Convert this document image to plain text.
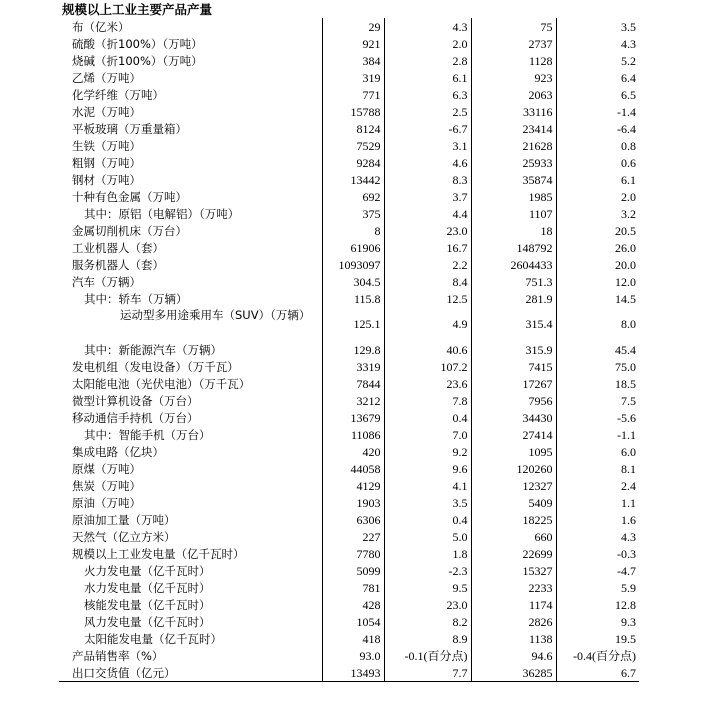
规模以上工业主要产品产量
布（亿米）	29	4.3	75	3.5
硫酸（折100%）（万吨）	921	2.0	2737	4.3
烧碱（折100%）（万吨）	384	2.8	1128	5.2
乙烯（万吨）	319	6.1	923	6.4
化学纤维（万吨）	771	6.3	2063	6.5
水泥（万吨）	15788	2.5	33116	-1.4
平板玻璃（万重量箱）	8124	-6.7	23414	-6.4
生铁（万吨）	7529	3.1	21628	0.8
粗钢（万吨）	9284	4.6	25933	0.6
钢材（万吨）	13442	8.3	35874	6.1
十种有色金属（万吨）	692	3.7	1985	2.0
其中：原铝（电解铝）（万吨）	375	4.4	1107	3.2
金属切削机床（万台）	8	23.0	18	20.5
工业机器人（套）	61906	16.7	148792	26.0
服务机器人（套）	1093097	2.2	2604433	20.0
汽车（万辆）	304.5	8.4	751.3	12.0
其中：轿车（万辆）	115.8	12.5	281.9	14.5
运动型多用途乘用车（SUV）（万辆）	125.1	4.9	315.4	8.0
其中：新能源汽车（万辆）	129.8	40.6	315.9	45.4
发电机组（发电设备）（万千瓦）	3319	107.2	7415	75.0
太阳能电池（光伏电池）（万千瓦）	7844	23.6	17267	18.5
微型计算机设备（万台）	3212	7.8	7956	7.5
移动通信手持机（万台）	13679	0.4	34430	-5.6
其中：智能手机（万台）	11086	7.0	27414	-1.1
集成电路（亿块）	420	9.2	1095	6.0
原煤（万吨）	44058	9.6	120260	8.1
焦炭（万吨）	4129	4.1	12327	2.4
原油（万吨）	1903	3.5	5409	1.1
原油加工量（万吨）	6306	0.4	18225	1.6
天然气（亿立方米）	227	5.0	660	4.3
规模以上工业发电量（亿千瓦时）	7780	1.8	22699	-0.3
火力发电量（亿千瓦时）	5099	-2.3	15327	-4.7
水力发电量（亿千瓦时）	781	9.5	2233	5.9
核能发电量（亿千瓦时）	428	23.0	1174	12.8
风力发电量（亿千瓦时）	1054	8.2	2826	9.3
太阳能发电量（亿千瓦时）	418	8.9	1138	19.5
产品销售率（%）	93.0	-0.1(百分点)	94.6	-0.4(百分点)
出口交货值（亿元）	13493	7.7	36285	6.7
